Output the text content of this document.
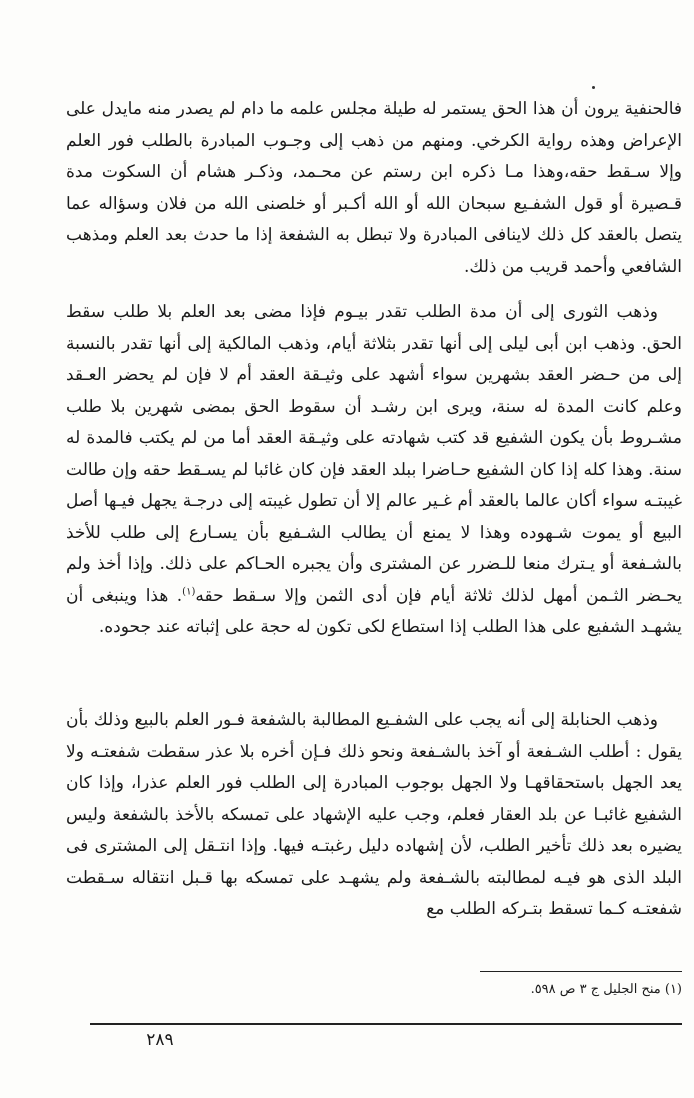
فالحنفية يرون أن هذا الحق يستمر له طيلة مجلس علمه ما دام لم يصدر منه مايدل على الإعراض وهذه رواية الكرخي. ومنهم من ذهب إلى وجـوب المبادرة بالطلب فور العلم وإلا سـقط حقه،وهذا مـا ذكره ابن رستم عن محـمد، وذكـر هشام أن السكوت مدة قـصيرة أو قول الشفـيع سبحان الله أو الله أكـبر أو خلصنى الله من فلان وسؤاله عما يتصل بالعقد كل ذلك لاينافى المبادرة ولا تبطل به الشفعة إذا ما حدث بعد العلم ومذهب الشافعي وأحمد قريب من ذلك.

وذهب الثورى إلى أن مدة الطلب تقدر بيـوم فإذا مضى بعد العلم بلا طلب سقط الحق. وذهب ابن أبى ليلى إلى أنها تقدر بثلاثة أيام، وذهب المالكية إلى أنها تقدر بالنسبة إلى من حـضر العقد بشهرين سواء أشهد على وثيـقة العقد أم لا فإن لم يحضر العـقد وعلم كانت المدة له سنة، ويرى ابن رشـد أن سقوط الحق بمضى شهرين بلا طلب مشـروط بأن يكون الشفيع قد كتب شهادته على وثيـقة العقد أما من لم يكتب فالمدة له سنة. وهذا كله إذا كان الشفيع حـاضرا ببلد العقد فإن كان غائبا لم يسـقط حقه وإن طالت غيبتـه سواء أكان عالما بالعقد أم غـير عالم إلا أن تطول غيبته إلى درجـة يجهل فيـها أصل البيع أو يموت شـهوده وهذا لا يمنع أن يطالب الشـفيع بأن يسـارع إلى طلب للأخذ بالشـفعة أو يـترك منعا للـضرر عن المشترى وأن يجبره الحـاكم على ذلك. وإذا أخذ ولم يحـضر الثـمن أمهل لذلك ثلاثة أيام فإن أدى الثمن وإلا سـقط حقه$^{(١)}$. هذا وينبغى أن يشهـد الشفيع على هذا الطلب إذا استطاع لكى تكون له حجة على إثباته عند جحوده.

وذهب الحنابلة إلى أنه يجب على الشفـيع المطالبة بالشفعة فـور العلم بالبيع وذلك بأن يقول : أطلب الشـفعة أو آخذ بالشـفعة ونحو ذلك فـإن أخره بلا عذر سقطت شفعتـه ولا يعد الجهل باستحقاقهـا ولا الجهل بوجوب المبادرة إلى الطلب فور العلم عذرا، وإذا كان الشفيع غائبـا عن بلد العقار فعلم، وجب عليه الإشهاد على تمسكه بالأخذ بالشفعة وليس يضيره بعد ذلك تأخير الطلب، لأن إشهاده دليل رغبتـه فيها. وإذا انتـقل إلى المشترى فى البلد الذى هو فيـه لمطالبته بالشـفعة ولم يشهـد على تمسكه بها قـبل انتقاله سـقطت شفعتـه كـما تسقط بتـركه الطلب مع

(١) منح الجليل ج ٣ ص ٥٩٨.
٢٨٩
